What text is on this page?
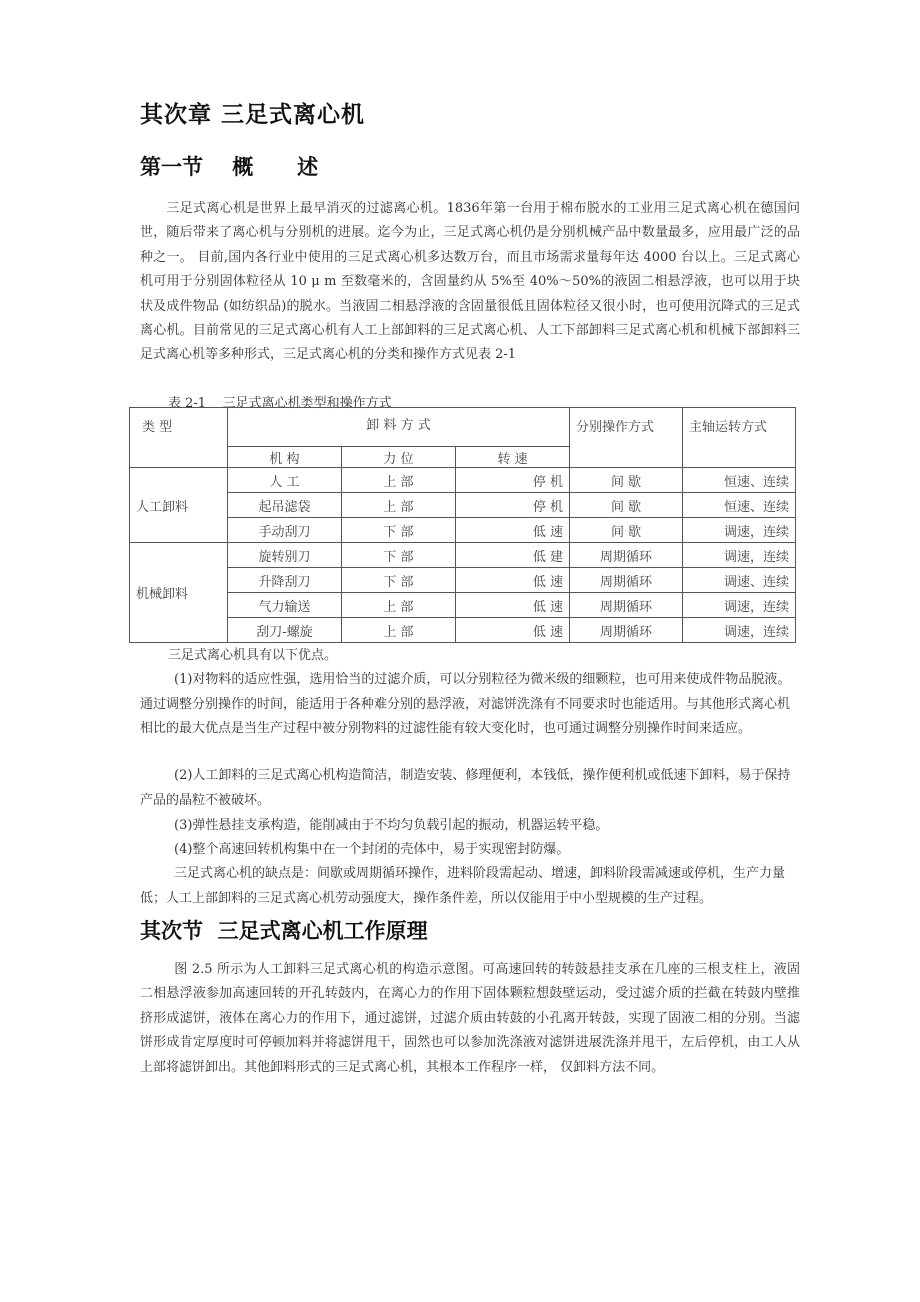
其次章 三足式离心机
第一节    概      述

三足式离心机是世界上最早消灭的过滤离心机。1836年第一台用于棉布脱水的工业用三足式离心机在德国问世，随后带来了离心机与分别机的进展。迄今为止，三足式离心机仍是分别机械产品中数量最多，应用最广泛的品种之一。 目前,国内各行业中使用的三足式离心机多达数万台，而且市场需求量每年达 4000 台以上。三足式离心机可用于分别固体粒径从 10 μ m 至数毫米的，含固量约从 5%至 40%～50%的液固二相悬浮液，也可以用于块状及成件物品 (如纺织品)的脱水。当液固二相悬浮液的含固量很低且固体粒径又很小时，也可使用沉降式的三足式离心机。目前常见的三足式离心机有人工上部卸料的三足式离心机、人工下部卸料三足式离心机和机械下部卸料三足式离心机等多种形式，三足式离心机的分类和操作方式见表 2-1

表 2-1    三足式离心机类型和操作方式
类 型	卸 料 方 式			分别操作方式	主轴运转方式
	机 构	力 位	转 速		
人工卸料	人 工	上 部	停 机	间 歇	恒速、连续
	起吊滤袋	上 部	停 机	间 歇	恒速、连续
	手动刮刀	下 部	低 速	间 歇	调速，连续
机械卸料	旋转别刀	下 部	低 建	周期循环	调速，连续
	升降刮刀	下 部	低 速	周期循环	调速、连续
	气力输送	上 部	低 速	周期循环	调速，连续
	刮刀-螺旋	上 部	低 速	周期循环	调速，连续

三足式离心机具有以下优点。

(1)对物料的适应性强，选用恰当的过滤介质，可以分别粒径为微米级的细颗粒，也可用来使成件物品脱液。通过调整分别操作的时间，能适用于各种难分别的悬浮液，对滤饼洗涤有不同要求时也能适用。与其他形式离心机相比的最大优点是当生产过程中被分别物料的过滤性能有较大变化时，也可通过调整分别操作时间来适应。

(2)人工卸料的三足式离心机构造简洁，制造安装、修理便利，本钱低，操作便利机或低速下卸料，易于保持产品的晶粒不被破坏。

(3)弹性悬挂支承构造，能削减由于不均匀负载引起的振动，机器运转平稳。

(4)整个高速回转机构集中在一个封闭的壳体中，易于实现密封防爆。

三足式离心机的缺点是：间歇或周期循环操作，进料阶段需起动、增速，卸料阶段需减速或停机，生产力量低；人工上部卸料的三足式离心机劳动强度大，操作条件差，所以仅能用于中小型规模的生产过程。

其次节  三足式离心机工作原理

图 2.5 所示为人工卸料三足式离心机的构造示意图。可高速回转的转鼓悬挂支承在几座的三根支柱上，液固二相悬浮液参加高速回转的开孔转鼓内，在离心力的作用下固体颗粒想鼓壁运动，受过滤介质的拦截在转鼓内壁推挤形成滤饼，液体在离心力的作用下，通过滤饼，过滤介质由转鼓的小孔离开转鼓，实现了固液二相的分别。当滤饼形成肯定厚度时可停顿加料并将滤饼甩干，固然也可以参加洗涤液对滤饼进展洗涤并甩干，左后停机，由工人从上部将滤饼卸出。其他卸料形式的三足式离心机，其根本工作程序一样， 仅卸料方法不同。
